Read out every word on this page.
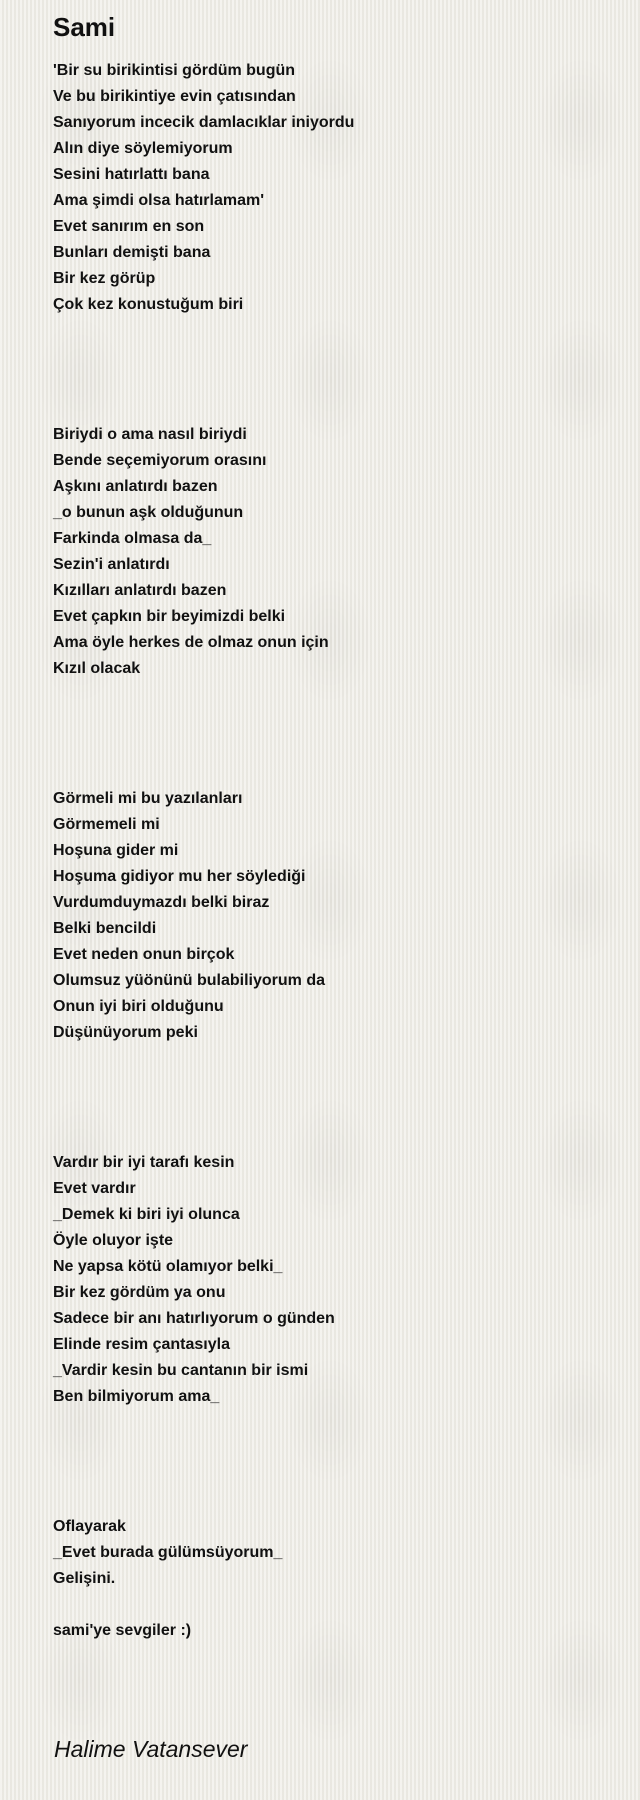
Sami
'Bir su birikintisi gördüm bugün
Ve bu birikintiye evin çatısından
Sanıyorum incecik damlacıklar iniyordu
Alın diye söylemiyorum
Sesini hatırlattı bana
Ama şimdi olsa hatırlamam'
Evet sanırım en son
Bunları demişti bana
Bir kez görüp
Çok kez konustuğum biri
Biriydi o ama nasıl biriydi
Bende seçemiyorum orasını
Aşkını anlatırdı bazen
_o bunun aşk olduğunun
Farkinda olmasa da_
Sezin'i anlatırdı
Kızılları anlatırdı bazen
Evet çapkın bir beyimizdi belki
Ama öyle herkes de olmaz onun için
Kızıl olacak
Görmeli mi bu yazılanları
Görmemeli mi
Hoşuna gider mi
Hoşuma gidiyor mu her söylediği
Vurdumduymazdı belki biraz
Belki bencildi
Evet neden onun birçok
Olumsuz yüönünü bulabiliyorum da
Onun iyi biri olduğunu
Düşünüyorum peki
Vardır bir iyi tarafı kesin
Evet vardır
_Demek ki biri iyi olunca
Öyle oluyor işte
Ne yapsa kötü olamıyor belki_
Bir kez gördüm ya onu
Sadece bir anı hatırlıyorum o günden
Elinde resim çantasıyla
_Vardir kesin bu cantanın bir ismi
Ben bilmiyorum ama_
Oflayarak
_Evet burada gülümsüyorum_
Gelişini.
sami'ye sevgiler :)
Halime Vatansever
